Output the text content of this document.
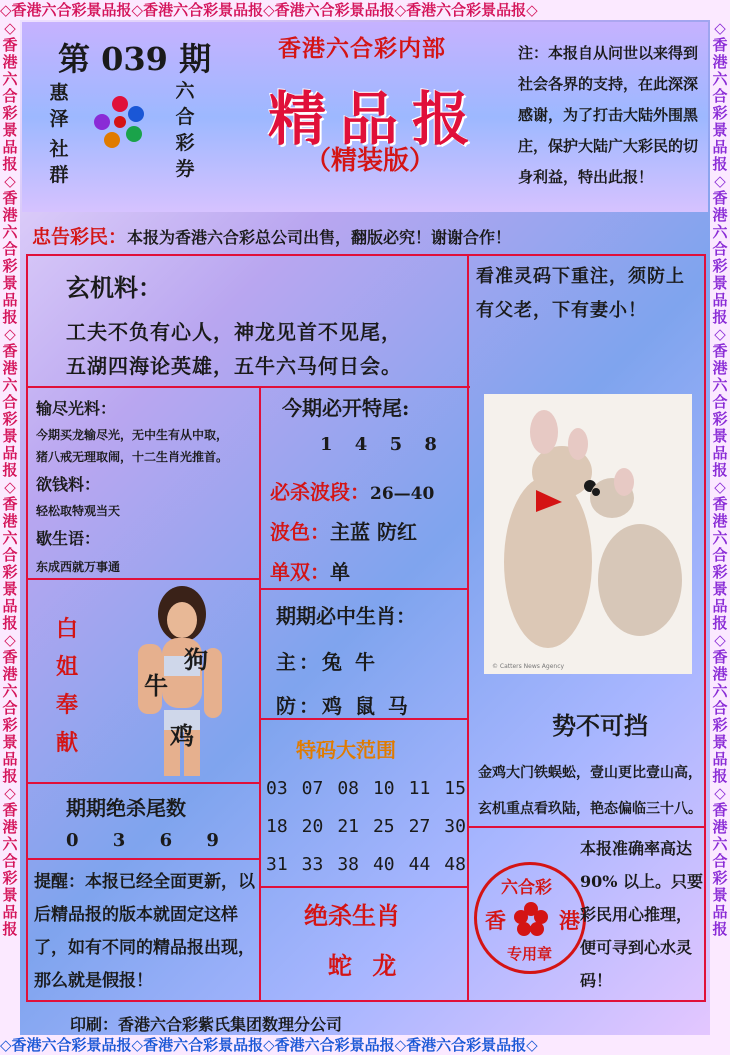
◇香港六合彩景品报◇香港六合彩景品报◇香港六合彩景品报◇香港六合彩景品报◇
◇香港六合彩景品报◇香港六合彩景品报◇香港六合彩景品报◇香港六合彩景品报◇
◇香港六合彩景品报◇香港六合彩景品报◇香港六合彩景品报◇香港六合彩景品报◇香港六合彩景品报◇香港六合彩景品报
◇香港六合彩景品报◇香港六合彩景品报◇香港六合彩景品报◇香港六合彩景品报◇香港六合彩景品报◇香港六合彩景品报
第 039 期
惠
泽
社
群
六
合
彩
券
香港六合彩内部
精品报
（精装版）
注：本报自从问世以来得到社会各界的支持，在此深深感谢，为了打击大陆外围黑庄，保护大陆广大彩民的切身利益，特出此报！
忠告彩民：本报为香港六合彩总公司出售，翻版必究！谢谢合作！
玄机料：
工夫不负有心人，神龙见首不见尾，
五湖四海论英雄，五牛六马何日会。
看准灵码下重注，须防上
有父老，下有妻小！
输尽光料：
今期买龙输尽光，无中生有从中取，
猪八戒无理取闹，十二生肖光推首。
欲钱料：
轻松取特观当天
歇生语：
东成西就万事通
今期必开特尾:
1 4 5 8
必杀波段：26—40
波色：主蓝 防红
单双：单
期期必中生肖：
主：兔 牛
防：鸡 鼠 马
白
姐
奉
献
牛
狗
鸡
期期绝杀尾数
0 3 6 9
特码大范围
03 07 08 10 11 15
18 20 21 25 27 30
31 33 38 40 44 48
提醒：本报已经全面更新，以后精品报的版本就固定这样了，如有不同的精品报出现，那么就是假报！
绝杀生肖
蛇 龙
© Catters News Agency
势不可挡
金鸡大门铁蜈蚣，壹山更比壹山高，
玄机重点看玖陆，艳态偏临三十八。
六合彩
香	港
专用章
本报准确率高达 90% 以上。只要彩民用心推理，便可寻到心水灵码！
印刷：香港六合彩紫氏集团数理分公司
